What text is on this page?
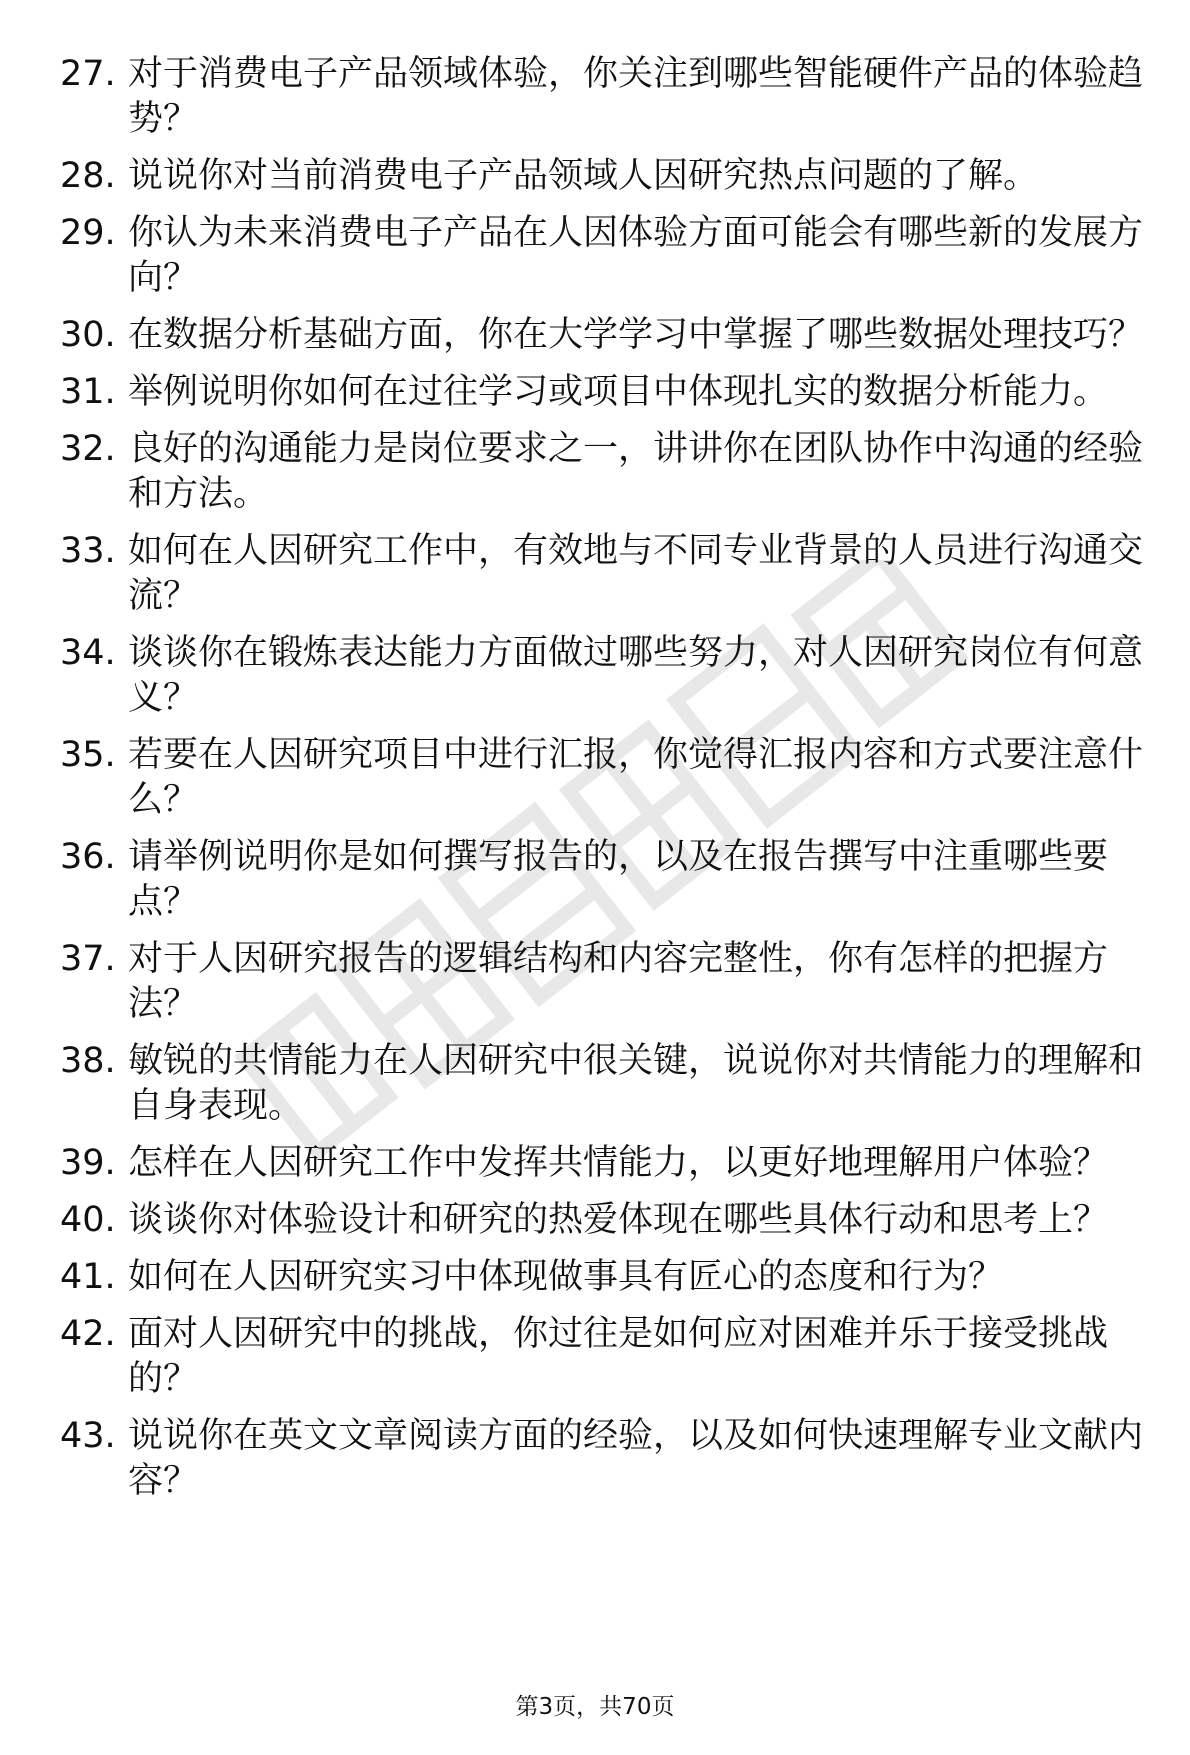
27. 对于消费电子产品领域体验，你关注到哪些智能硬件产品的体验趋势？
28. 说说你对当前消费电子产品领域人因研究热点问题的了解。
29. 你认为未来消费电子产品在人因体验方面可能会有哪些新的发展方向？
30. 在数据分析基础方面，你在大学学习中掌握了哪些数据处理技巧？
31. 举例说明你如何在过往学习或项目中体现扎实的数据分析能力。
32. 良好的沟通能力是岗位要求之一，讲讲你在团队协作中沟通的经验和方法。
33. 如何在人因研究工作中，有效地与不同专业背景的人员进行沟通交流？
34. 谈谈你在锻炼表达能力方面做过哪些努力，对人因研究岗位有何意义？
35. 若要在人因研究项目中进行汇报，你觉得汇报内容和方式要注意什么？
36. 请举例说明你是如何撰写报告的，以及在报告撰写中注重哪些要点？
37. 对于人因研究报告的逻辑结构和内容完整性，你有怎样的把握方法？
38. 敏锐的共情能力在人因研究中很关键，说说你对共情能力的理解和自身表现。
39. 怎样在人因研究工作中发挥共情能力，以更好地理解用户体验？
40. 谈谈你对体验设计和研究的热爱体现在哪些具体行动和思考上？
41. 如何在人因研究实习中体现做事具有匠心的态度和行为？
42. 面对人因研究中的挑战，你过往是如何应对困难并乐于接受挑战的？
43. 说说你在英文文章阅读方面的经验，以及如何快速理解专业文献内容？
第3页，共70页
